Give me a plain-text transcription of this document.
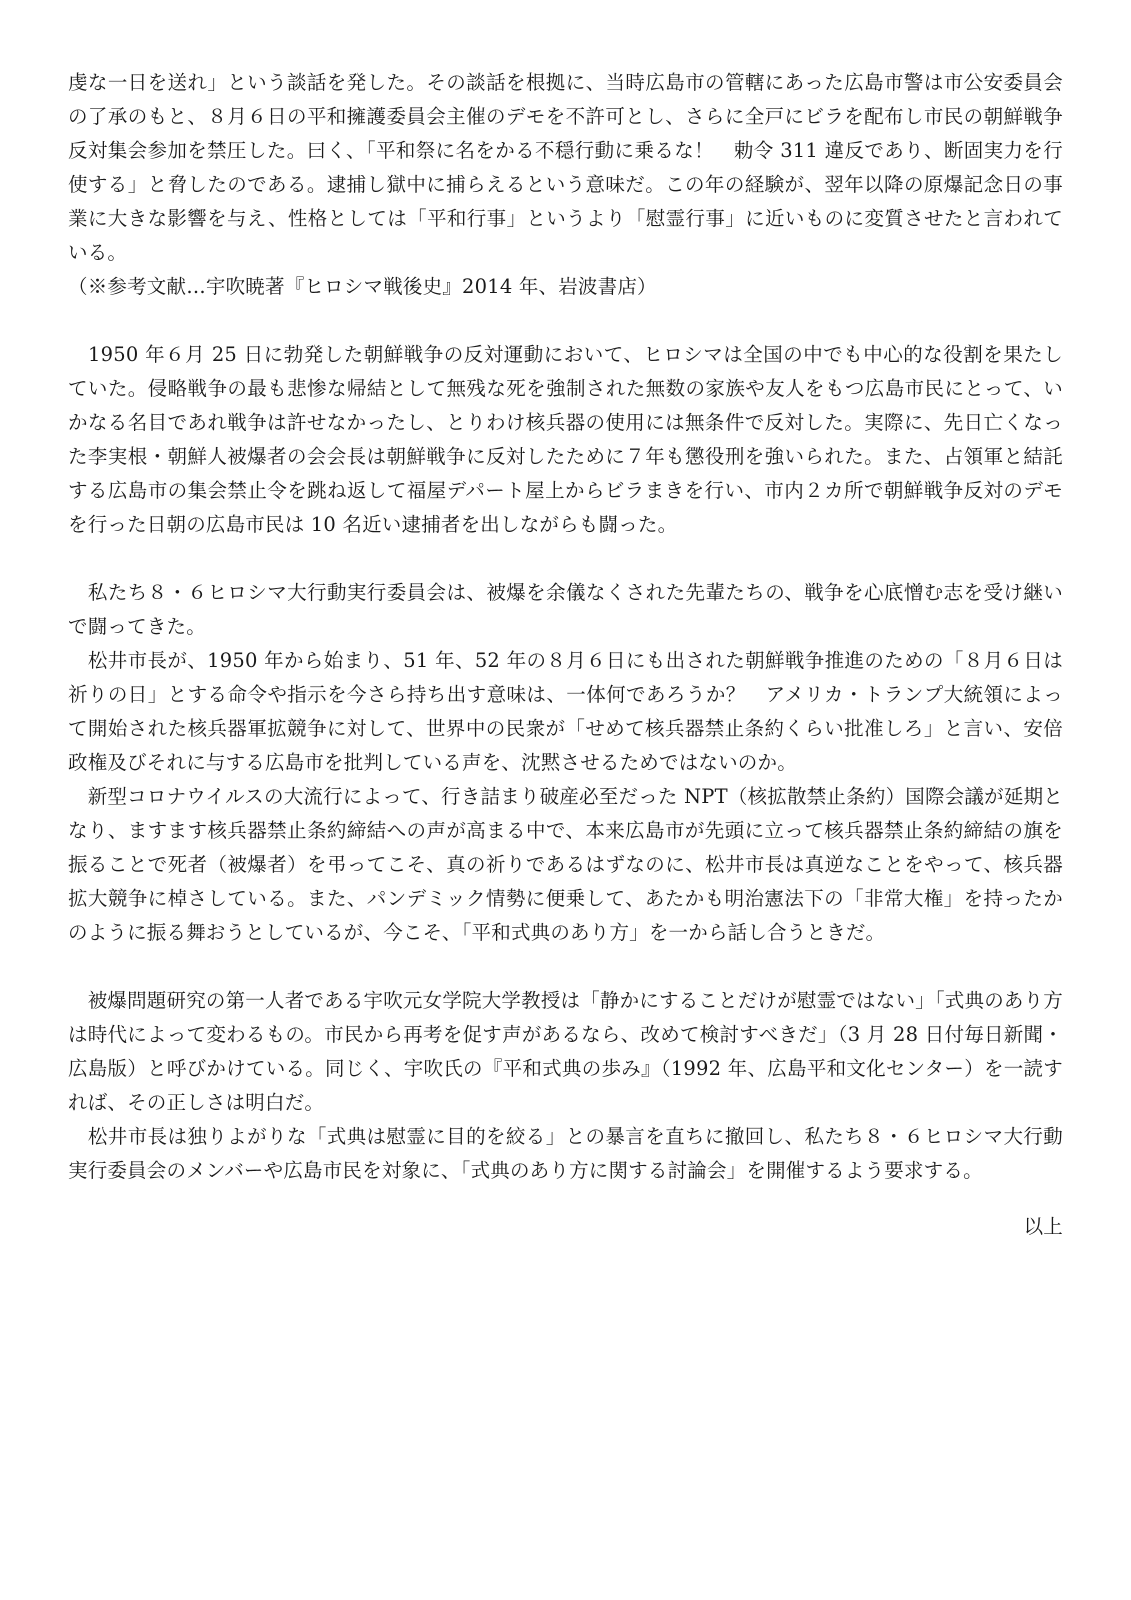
虔な一日を送れ」という談話を発した。その談話を根拠に、当時広島市の管轄にあった広島市警は市公安委員会の了承のもと、８月６日の平和擁護委員会主催のデモを不許可とし、さらに全戸にビラを配布し市民の朝鮮戦争反対集会参加を禁圧した。曰く、「平和祭に名をかる不穏行動に乗るな！　勅令 311 違反であり、断固実力を行使する」と脅したのである。逮捕し獄中に捕らえるという意味だ。この年の経験が、翌年以降の原爆記念日の事業に大きな影響を与え、性格としては「平和行事」というより「慰霊行事」に近いものに変質させたと言われている。

（※参考文献…宇吹暁著『ヒロシマ戦後史』2014 年、岩波書店）

　1950 年６月 25 日に勃発した朝鮮戦争の反対運動において、ヒロシマは全国の中でも中心的な役割を果たしていた。侵略戦争の最も悲惨な帰結として無残な死を強制された無数の家族や友人をもつ広島市民にとって、いかなる名目であれ戦争は許せなかったし、とりわけ核兵器の使用には無条件で反対した。実際に、先日亡くなった李実根・朝鮮人被爆者の会会長は朝鮮戦争に反対したために７年も懲役刑を強いられた。また、占領軍と結託する広島市の集会禁止令を跳ね返して福屋デパート屋上からビラまきを行い、市内２カ所で朝鮮戦争反対のデモを行った日朝の広島市民は 10 名近い逮捕者を出しながらも闘った。

　私たち８・６ヒロシマ大行動実行委員会は、被爆を余儀なくされた先輩たちの、戦争を心底憎む志を受け継いで闘ってきた。

　松井市長が、1950 年から始まり、51 年、52 年の８月６日にも出された朝鮮戦争推進のための「８月６日は祈りの日」とする命令や指示を今さら持ち出す意味は、一体何であろうか？　アメリカ・トランプ大統領によって開始された核兵器軍拡競争に対して、世界中の民衆が「せめて核兵器禁止条約くらい批准しろ」と言い、安倍政権及びそれに与する広島市を批判している声を、沈黙させるためではないのか。

　新型コロナウイルスの大流行によって、行き詰まり破産必至だった NPT（核拡散禁止条約）国際会議が延期となり、ますます核兵器禁止条約締結への声が高まる中で、本来広島市が先頭に立って核兵器禁止条約締結の旗を振ることで死者（被爆者）を弔ってこそ、真の祈りであるはずなのに、松井市長は真逆なことをやって、核兵器拡大競争に棹さしている。また、パンデミック情勢に便乗して、あたかも明治憲法下の「非常大権」を持ったかのように振る舞おうとしているが、今こそ、「平和式典のあり方」を一から話し合うときだ。

　被爆問題研究の第一人者である宇吹元女学院大学教授は「静かにすることだけが慰霊ではない」「式典のあり方は時代によって変わるもの。市民から再考を促す声があるなら、改めて検討すべきだ」（3 月 28 日付毎日新聞・広島版）と呼びかけている。同じく、宇吹氏の『平和式典の歩み』（1992 年、広島平和文化センター）を一読すれば、その正しさは明白だ。

　松井市長は独りよがりな「式典は慰霊に目的を絞る」との暴言を直ちに撤回し、私たち８・６ヒロシマ大行動実行委員会のメンバーや広島市民を対象に、「式典のあり方に関する討論会」を開催するよう要求する。

以上
